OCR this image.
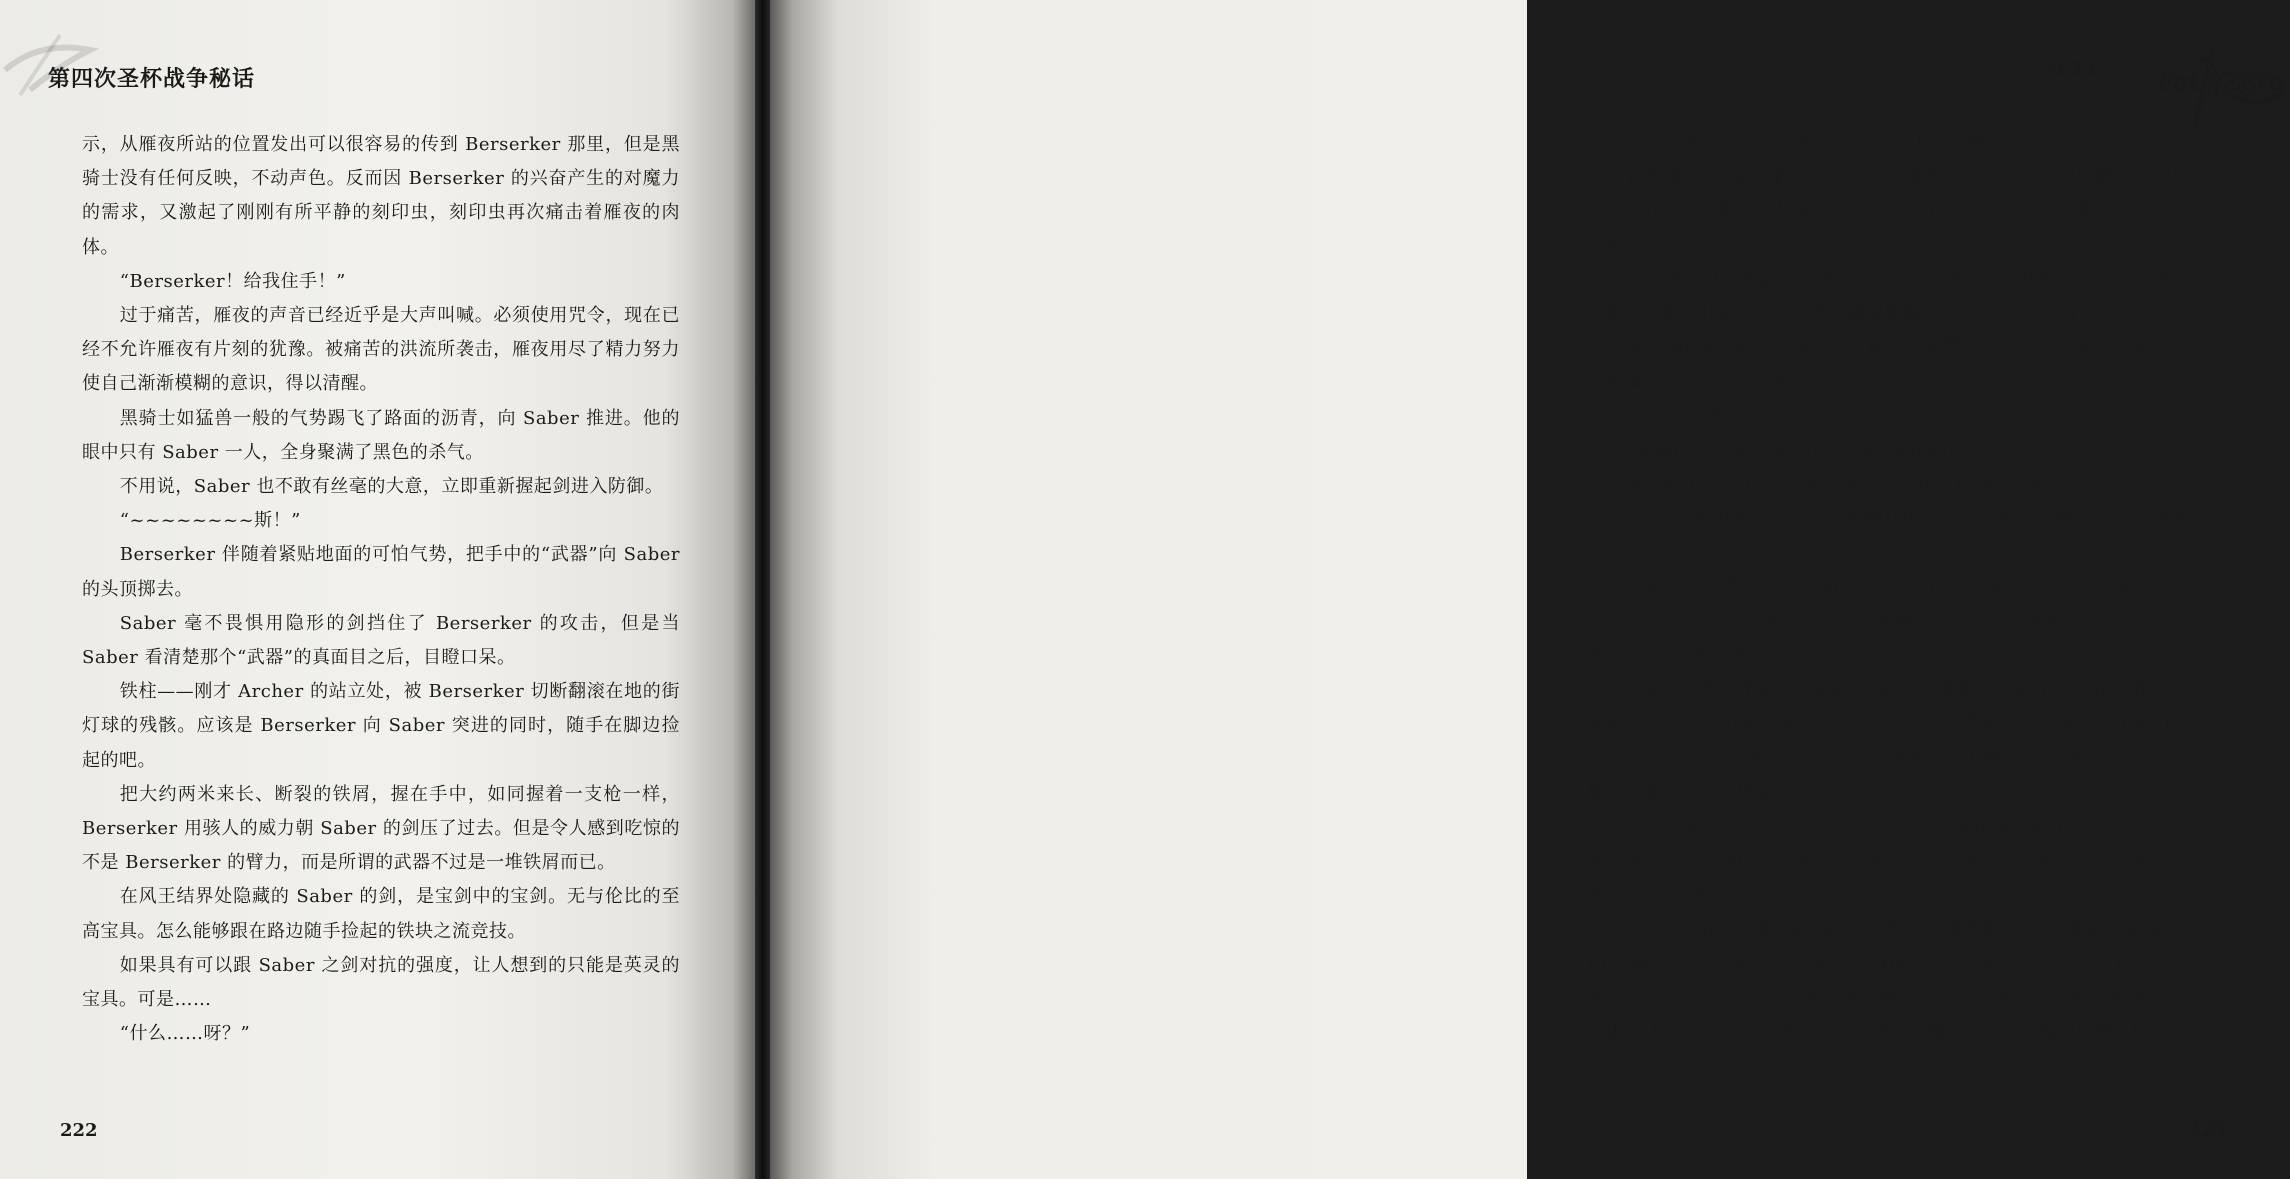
第四次圣杯战争秘话

示，从雁夜所站的位置发出可以很容易的传到 Berserker 那里，但是黑骑士没有任何反映，不动声色。反而因 Berserker 的兴奋产生的对魔力的需求，又激起了刚刚有所平静的刻印虫，刻印虫再次痛击着雁夜的肉体。

“Berserker！给我住手！”

过于痛苦，雁夜的声音已经近乎是大声叫喊。必须使用咒令，现在已经不允许雁夜有片刻的犹豫。被痛苦的洪流所袭击，雁夜用尽了精力努力使自己渐渐模糊的意识，得以清醒。

黑骑士如猛兽一般的气势踢飞了路面的沥青，向 Saber 推进。他的眼中只有 Saber 一人，全身聚满了黑色的杀气。

不用说，Saber 也不敢有丝毫的大意，立即重新握起剑进入防御。

“~~~~~~~~斯！”

Berserker 伴随着紧贴地面的可怕气势，把手中的“武器”向 Saber 的头顶掷去。

Saber 毫不畏惧用隐形的剑挡住了 Berserker 的攻击，但是当 Saber 看清楚那个“武器”的真面目之后，目瞪口呆。

铁柱——刚才 Archer 的站立处，被 Berserker 切断翻滚在地的街灯球的残骸。应该是 Berserker 向 Saber 突进的同时，随手在脚边捡起的吧。

把大约两米来长、断裂的铁屑，握在手中，如同握着一支枪一样，Berserker 用骇人的威力朝 Saber 的剑压了过去。但是令人感到吃惊的不是 Berserker 的臂力，而是所谓的武器不过是一堆铁屑而已。

在风王结界处隐藏的 Saber 的剑，是宝剑中的宝剑。无与伦比的至高宝具。怎么能够跟在路边随手捡起的铁块之流竞技。

如果具有可以跟 Saber 之剑对抗的强度，让人想到的只能是英灵的宝具。可是……

“什么……呀？”

222
ACT4	Fate/Zero

Saber 咬牙切齿强忍怒火，又觉得十分可疑。

曾被 Berserker 握过的铁柱已经被染成了黑色。呈树叶脉络状的黑色条纹在铁柱上缠了一层又一层，如今还在不停地在铁柱上扩散，侵食着铁柱。

黑色条纹出现的起点是 Berserker 的两只手。从被黑色的手部盔甲所握过的地方开始，黑色的条纹就像蜘蛛结网一样扩张到铁柱全体。

那是 Berserker 的魔力——被杀意和憎恨所浸透，黑骑士的魔力。这种魔力以手为媒介浸透了整个铁柱。

“莫非……你是？”

Saber 在惊鄂的同时明白了 Berserker 宝具的真正面目。

观战的 Lancer 和 Rider 也终于得出了相同的结论。

“……原来如此。那个黑家伙握住的东西，无论是何物，都会变成他的宝具。”

Rider 低声赞叹道。英灵的宝具，不仅仅呈现为有形的固定器具。有时会根据 Servant 所具有的“特殊能力”变成各式各样的宝具。这个 Berserker 就是如此。

这是令人惊叹的能力。Berserker 一股脑地夺取了 Archer 投放的无数宝具，并自由地驾驭这些宝具。那令人惊愕的技艺，现在终于明白是怎么一回事了。在 Berserker 抓住那些宝具的瞬间，Archer 宝具的支配权也就让渡给了黑骑士。

不仅如此，连平淡无奇的铁屑一旦到了 Berserker 的手中，也具有和其他宝具相抗衡的强大魔力。与刚才的黄金骑士拥有的众多宝具不同，Berserker 拥有的是无穷无尽的宝具。

二击、三击——Berserker 用漂亮的“掷枪绝技”一再紧逼 Saber。而 Saber 只是一味的防守而已。Saber 扶着剑柄的左手没有任何力气。此时 Lancer 的宝具“必灭的黄蔷薇”造成的伤势再次隐隐作痛起来。Saber 仅靠一只右手挥舞着手中的剑，在魔力的支撑下勉强应战，但

223
